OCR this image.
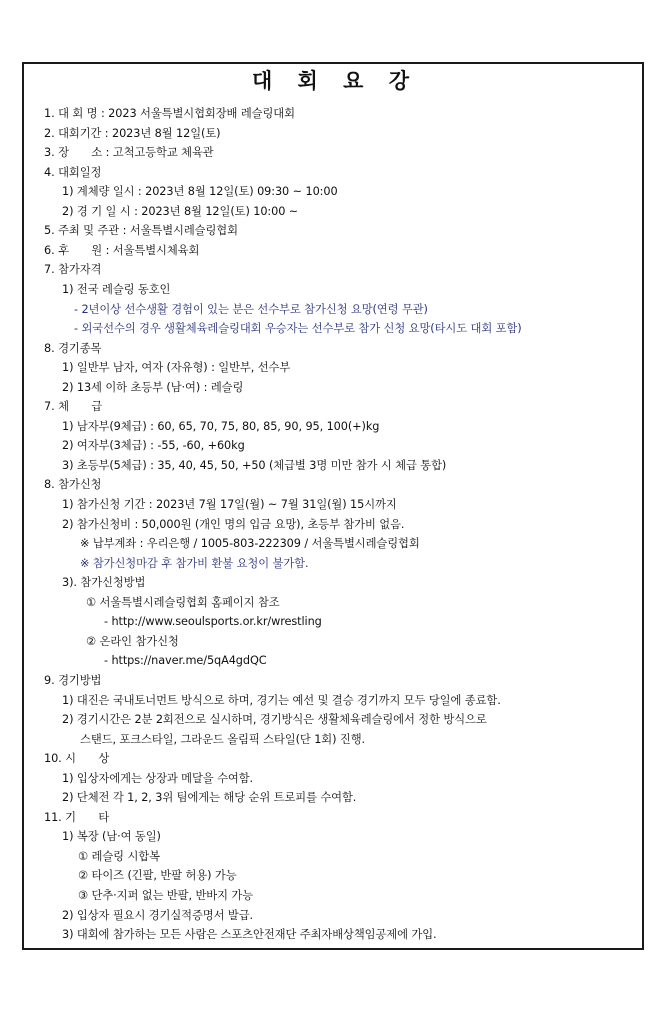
대 회 요 강
1. 대 회 명 : 2023 서울특별시협회장배 레슬링대회
2. 대회기간 : 2023년 8월 12일(토)
3. 장　　소 : 고척고등학교 체육관
4. 대회일정
1) 계체량 일시 : 2023년 8월 12일(토) 09:30 ~ 10:00
2) 경 기 일 시 : 2023년 8월 12일(토) 10:00 ~
5. 주최 및 주관 : 서울특별시레슬링협회
6. 후　　원 : 서울특별시체육회
7. 참가자격
1) 전국 레슬링 동호인
- 2년이상 선수생활 경험이 있는 분은 선수부로 참가신청 요망(연령 무관)
- 외국선수의 경우 생활체육레슬링대회 우승자는 선수부로 참가 신청 요망(타시도 대회 포함)
8. 경기종목
1) 일반부 남자, 여자 (자유형) : 일반부, 선수부
2) 13세 이하 초등부 (남·여) : 레슬링
7. 체　　급
1) 남자부(9체급) : 60, 65, 70, 75, 80, 85, 90, 95, 100(+)kg
2) 여자부(3체급) : -55, -60, +60kg
3) 초등부(5체급) : 35, 40, 45, 50, +50 (체급별 3명 미만 참가 시 체급 통합)
8. 참가신청
1) 참가신청 기간 : 2023년 7월 17일(월) ~ 7월 31일(월) 15시까지
2) 참가신청비 : 50,000원 (개인 명의 입금 요망), 초등부 참가비 없음.
※ 납부계좌 : 우리은행 / 1005-803-222309 / 서울특별시레슬링협회
※ 참가신청마감 후 참가비 환불 요청이 불가함.
3). 참가신청방법
① 서울특별시레슬링협회 홈페이지 참조
- http://www.seoulsports.or.kr/wrestling
② 온라인 참가신청
- https://naver.me/5qA4gdQC
9. 경기방법
1) 대진은 국내토너먼트 방식으로 하며, 경기는 예선 및 결승 경기까지 모두 당일에 종료함.
2) 경기시간은 2분 2회전으로 실시하며, 경기방식은 생활체육레슬링에서 정한 방식으로
스탠드, 포크스타일, 그라운드 올림픽 스타일(단 1회) 진행.
10. 시　　상
1) 입상자에게는 상장과 메달을 수여함.
2) 단체전 각 1, 2, 3위 팀에게는 해당 순위 트로피를 수여함.
11. 기　　타
1) 복장 (남·여 동일)
① 레슬링 시합복
② 타이즈 (긴팔, 반팔 허용) 가능
③ 단추·지퍼 없는 반팔, 반바지 가능
2) 입상자 필요시 경기실적증명서 발급.
3) 대회에 참가하는 모든 사람은 스포츠안전재단 주최자배상책임공제에 가입.
